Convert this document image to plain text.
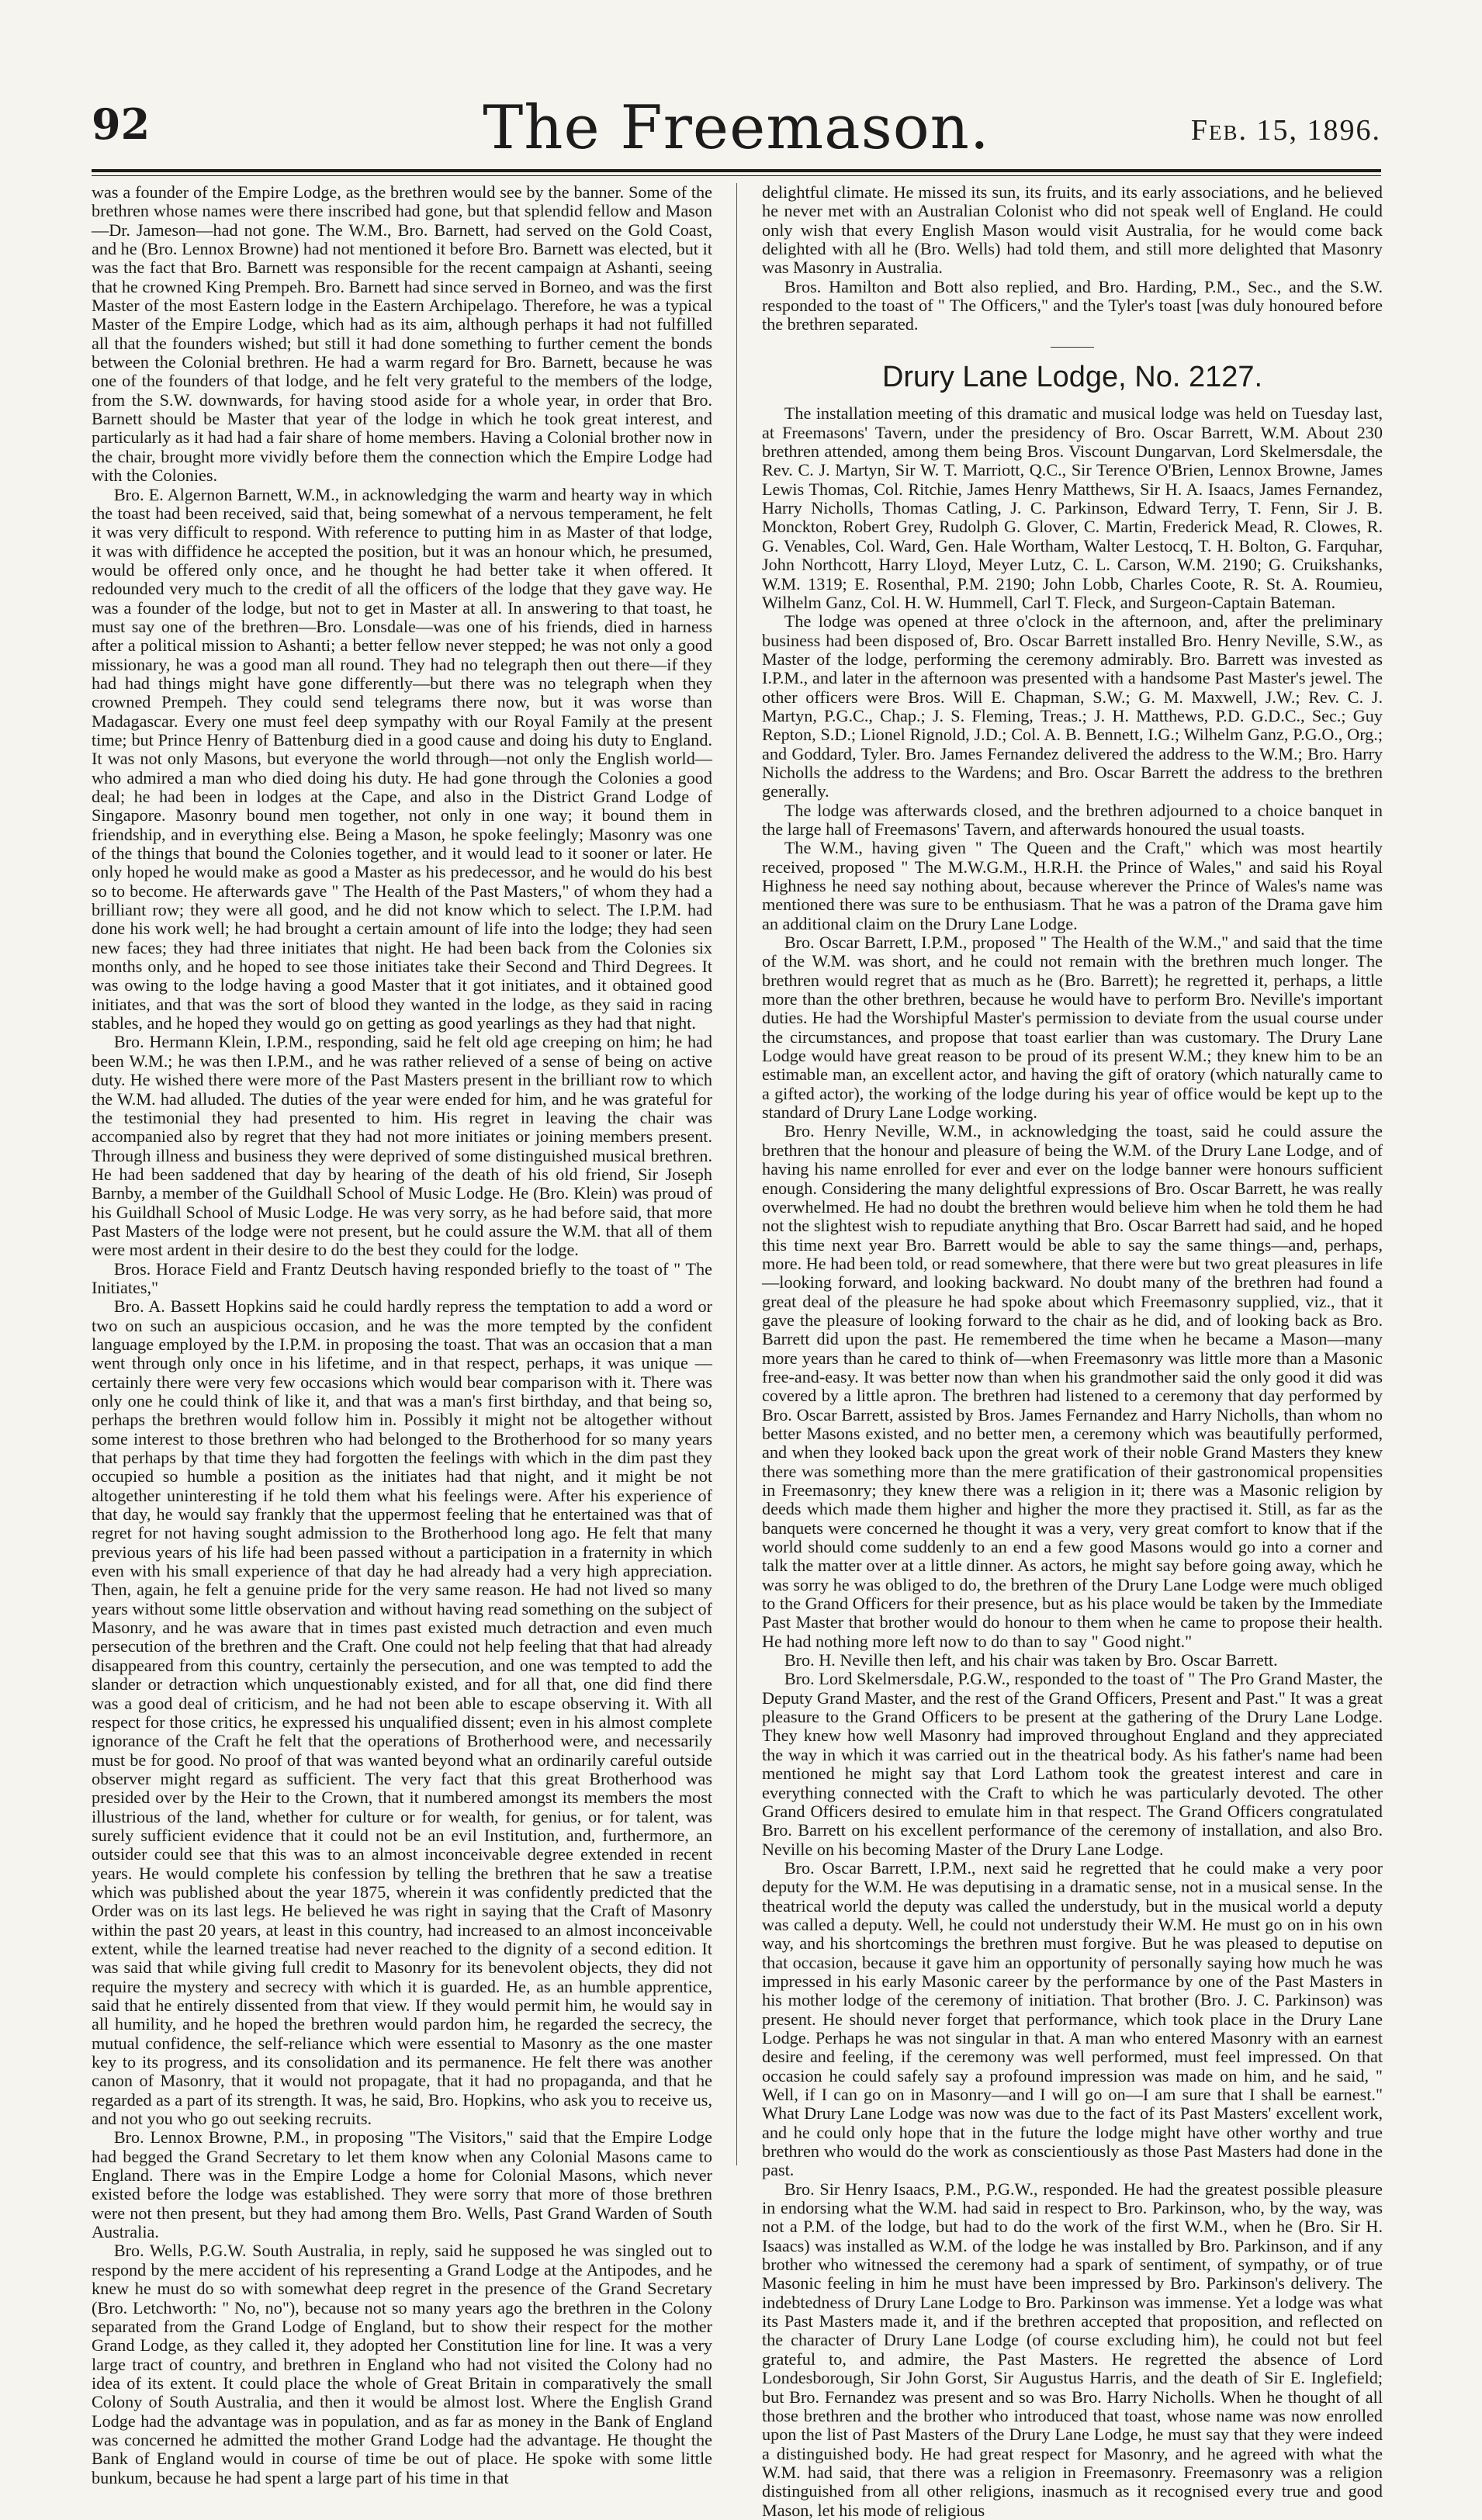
92	The Freemason.	Feb. 15, 1896.

was a founder of the Empire Lodge, as the brethren would see by the banner. Some of the brethren whose names were there inscribed had gone, but that splendid fellow and Mason—Dr. Jameson—had not gone. The W.M., Bro. Barnett, had served on the Gold Coast, and he (Bro. Lennox Browne) had not mentioned it before Bro. Barnett was elected, but it was the fact that Bro. Barnett was responsible for the recent campaign at Ashanti, seeing that he crowned King Prempeh. Bro. Barnett had since served in Borneo, and was the first Master of the most Eastern lodge in the Eastern Archipelago. Therefore, he was a typical Master of the Empire Lodge, which had as its aim, although perhaps it had not fulfilled all that the founders wished; but still it had done something to further cement the bonds between the Colonial brethren. He had a warm regard for Bro. Barnett, because he was one of the founders of that lodge, and he felt very grateful to the members of the lodge, from the S.W. downwards, for having stood aside for a whole year, in order that Bro. Barnett should be Master that year of the lodge in which he took great interest, and particularly as it had had a fair share of home members. Having a Colonial brother now in the chair, brought more vividly before them the connection which the Empire Lodge had with the Colonies.

Bro. E. Algernon Barnett, W.M., in acknowledging the warm and hearty way in which the toast had been received, said that, being somewhat of a nervous temperament, he felt it was very difficult to respond. With reference to putting him in as Master of that lodge, it was with diffidence he accepted the position, but it was an honour which, he presumed, would be offered only once, and he thought he had better take it when offered. It redounded very much to the credit of all the officers of the lodge that they gave way. He was a founder of the lodge, but not to get in Master at all. In answering to that toast, he must say one of the brethren—Bro. Lonsdale—was one of his friends, died in harness after a political mission to Ashanti; a better fellow never stepped; he was not only a good missionary, he was a good man all round. They had no telegraph then out there—if they had had things might have gone differently—but there was no telegraph when they crowned Prempeh. They could send telegrams there now, but it was worse than Madagascar. Every one must feel deep sympathy with our Royal Family at the present time; but Prince Henry of Battenburg died in a good cause and doing his duty to England. It was not only Masons, but everyone the world through—not only the English world—who admired a man who died doing his duty. He had gone through the Colonies a good deal; he had been in lodges at the Cape, and also in the District Grand Lodge of Singapore. Masonry bound men together, not only in one way; it bound them in friendship, and in everything else. Being a Mason, he spoke feelingly; Masonry was one of the things that bound the Colonies together, and it would lead to it sooner or later. He only hoped he would make as good a Master as his predecessor, and he would do his best so to become. He afterwards gave " The Health of the Past Masters," of whom they had a brilliant row; they were all good, and he did not know which to select. The I.P.M. had done his work well; he had brought a certain amount of life into the lodge; they had seen new faces; they had three initiates that night. He had been back from the Colonies six months only, and he hoped to see those initiates take their Second and Third Degrees. It was owing to the lodge having a good Master that it got initiates, and it obtained good initiates, and that was the sort of blood they wanted in the lodge, as they said in racing stables, and he hoped they would go on getting as good yearlings as they had that night.

Bro. Hermann Klein, I.P.M., responding, said he felt old age creeping on him; he had been W.M.; he was then I.P.M., and he was rather relieved of a sense of being on active duty. He wished there were more of the Past Masters present in the brilliant row to which the W.M. had alluded. The duties of the year were ended for him, and he was grateful for the testimonial they had presented to him. His regret in leaving the chair was accompanied also by regret that they had not more initiates or joining members present. Through illness and business they were deprived of some distinguished musical brethren. He had been saddened that day by hearing of the death of his old friend, Sir Joseph Barnby, a member of the Guildhall School of Music Lodge. He (Bro. Klein) was proud of his Guildhall School of Music Lodge. He was very sorry, as he had before said, that more Past Masters of the lodge were not present, but he could assure the W.M. that all of them were most ardent in their desire to do the best they could for the lodge.

Bros. Horace Field and Frantz Deutsch having responded briefly to the toast of " The Initiates,"

Bro. A. Bassett Hopkins said he could hardly repress the temptation to add a word or two on such an auspicious occasion, and he was the more tempted by the confident language employed by the I.P.M. in proposing the toast. That was an occasion that a man went through only once in his lifetime, and in that respect, perhaps, it was unique —certainly there were very few occasions which would bear comparison with it. There was only one he could think of like it, and that was a man's first birthday, and that being so, perhaps the brethren would follow him in. Possibly it might not be altogether without some interest to those brethren who had belonged to the Brotherhood for so many years that perhaps by that time they had forgotten the feelings with which in the dim past they occupied so humble a position as the initiates had that night, and it might be not altogether uninteresting if he told them what his feelings were. After his experience of that day, he would say frankly that the uppermost feeling that he entertained was that of regret for not having sought admission to the Brotherhood long ago. He felt that many previous years of his life had been passed without a participation in a fraternity in which even with his small experience of that day he had already had a very high appreciation. Then, again, he felt a genuine pride for the very same reason. He had not lived so many years without some little observation and without having read something on the subject of Masonry, and he was aware that in times past existed much detraction and even much persecution of the brethren and the Craft. One could not help feeling that that had already disappeared from this country, certainly the persecution, and one was tempted to add the slander or detraction which unquestionably existed, and for all that, one did find there was a good deal of criticism, and he had not been able to escape observing it. With all respect for those critics, he expressed his unqualified dissent; even in his almost complete ignorance of the Craft he felt that the operations of Brotherhood were, and necessarily must be for good. No proof of that was wanted beyond what an ordinarily careful outside observer might regard as sufficient. The very fact that this great Brotherhood was presided over by the Heir to the Crown, that it numbered amongst its members the most illustrious of the land, whether for culture or for wealth, for genius, or for talent, was surely sufficient evidence that it could not be an evil Institution, and, furthermore, an outsider could see that this was to an almost inconceivable degree extended in recent years. He would complete his confession by telling the brethren that he saw a treatise which was published about the year 1875, wherein it was confidently predicted that the Order was on its last legs. He believed he was right in saying that the Craft of Masonry within the past 20 years, at least in this country, had increased to an almost inconceivable extent, while the learned treatise had never reached to the dignity of a second edition. It was said that while giving full credit to Masonry for its benevolent objects, they did not require the mystery and secrecy with which it is guarded. He, as an humble apprentice, said that he entirely dissented from that view. If they would permit him, he would say in all humility, and he hoped the brethren would pardon him, he regarded the secrecy, the mutual confidence, the self-reliance which were essential to Masonry as the one master key to its progress, and its consolidation and its permanence. He felt there was another canon of Masonry, that it would not propagate, that it had no propaganda, and that he regarded as a part of its strength. It was, he said, Bro. Hopkins, who ask you to receive us, and not you who go out seeking recruits.

Bro. Lennox Browne, P.M., in proposing "The Visitors," said that the Empire Lodge had begged the Grand Secretary to let them know when any Colonial Masons came to England. There was in the Empire Lodge a home for Colonial Masons, which never existed before the lodge was established. They were sorry that more of those brethren were not then present, but they had among them Bro. Wells, Past Grand Warden of South Australia.

Bro. Wells, P.G.W. South Australia, in reply, said he supposed he was singled out to respond by the mere accident of his representing a Grand Lodge at the Antipodes, and he knew he must do so with somewhat deep regret in the presence of the Grand Secretary (Bro. Letchworth: " No, no"), because not so many years ago the brethren in the Colony separated from the Grand Lodge of England, but to show their respect for the mother Grand Lodge, as they called it, they adopted her Constitution line for line. It was a very large tract of country, and brethren in England who had not visited the Colony had no idea of its extent. It could place the whole of Great Britain in comparatively the small Colony of South Australia, and then it would be almost lost. Where the English Grand Lodge had the advantage was in population, and as far as money in the Bank of England was concerned he admitted the mother Grand Lodge had the advantage. He thought the Bank of England would in course of time be out of place. He spoke with some little bunkum, because he had spent a large part of his time in that

delightful climate. He missed its sun, its fruits, and its early associations, and he believed he never met with an Australian Colonist who did not speak well of England. He could only wish that every English Mason would visit Australia, for he would come back delighted with all he (Bro. Wells) had told them, and still more delighted that Masonry was Masonry in Australia.

Bros. Hamilton and Bott also replied, and Bro. Harding, P.M., Sec., and the S.W. responded to the toast of " The Officers," and the Tyler's toast [was duly honoured before the brethren separated.

Drury Lane Lodge, No. 2127.

The installation meeting of this dramatic and musical lodge was held on Tuesday last, at Freemasons' Tavern, under the presidency of Bro. Oscar Barrett, W.M. About 230 brethren attended, among them being Bros. Viscount Dungarvan, Lord Skelmersdale, the Rev. C. J. Martyn, Sir W. T. Marriott, Q.C., Sir Terence O'Brien, Lennox Browne, James Lewis Thomas, Col. Ritchie, James Henry Matthews, Sir H. A. Isaacs, James Fernandez, Harry Nicholls, Thomas Catling, J. C. Parkinson, Edward Terry, T. Fenn, Sir J. B. Monckton, Robert Grey, Rudolph G. Glover, C. Martin, Frederick Mead, R. Clowes, R. G. Venables, Col. Ward, Gen. Hale Wortham, Walter Lestocq, T. H. Bolton, G. Farquhar, John Northcott, Harry Lloyd, Meyer Lutz, C. L. Carson, W.M. 2190; G. Cruikshanks, W.M. 1319; E. Rosenthal, P.M. 2190; John Lobb, Charles Coote, R. St. A. Roumieu, Wilhelm Ganz, Col. H. W. Hummell, Carl T. Fleck, and Surgeon-Captain Bateman.

The lodge was opened at three o'clock in the afternoon, and, after the preliminary business had been disposed of, Bro. Oscar Barrett installed Bro. Henry Neville, S.W., as Master of the lodge, performing the ceremony admirably. Bro. Barrett was invested as I.P.M., and later in the afternoon was presented with a handsome Past Master's jewel. The other officers were Bros. Will E. Chapman, S.W.; G. M. Maxwell, J.W.; Rev. C. J. Martyn, P.G.C., Chap.; J. S. Fleming, Treas.; J. H. Matthews, P.D. G.D.C., Sec.; Guy Repton, S.D.; Lionel Rignold, J.D.; Col. A. B. Bennett, I.G.; Wilhelm Ganz, P.G.O., Org.; and Goddard, Tyler. Bro. James Fernandez delivered the address to the W.M.; Bro. Harry Nicholls the address to the Wardens; and Bro. Oscar Barrett the address to the brethren generally.

The lodge was afterwards closed, and the brethren adjourned to a choice banquet in the large hall of Freemasons' Tavern, and afterwards honoured the usual toasts.

The W.M., having given " The Queen and the Craft," which was most heartily received, proposed " The M.W.G.M., H.R.H. the Prince of Wales," and said his Royal Highness he need say nothing about, because wherever the Prince of Wales's name was mentioned there was sure to be enthusiasm. That he was a patron of the Drama gave him an additional claim on the Drury Lane Lodge.

Bro. Oscar Barrett, I.P.M., proposed " The Health of the W.M.," and said that the time of the W.M. was short, and he could not remain with the brethren much longer. The brethren would regret that as much as he (Bro. Barrett); he regretted it, perhaps, a little more than the other brethren, because he would have to perform Bro. Neville's important duties. He had the Worshipful Master's permission to deviate from the usual course under the circumstances, and propose that toast earlier than was customary. The Drury Lane Lodge would have great reason to be proud of its present W.M.; they knew him to be an estimable man, an excellent actor, and having the gift of oratory (which naturally came to a gifted actor), the working of the lodge during his year of office would be kept up to the standard of Drury Lane Lodge working.

Bro. Henry Neville, W.M., in acknowledging the toast, said he could assure the brethren that the honour and pleasure of being the W.M. of the Drury Lane Lodge, and of having his name enrolled for ever and ever on the lodge banner were honours sufficient enough. Considering the many delightful expressions of Bro. Oscar Barrett, he was really overwhelmed. He had no doubt the brethren would believe him when he told them he had not the slightest wish to repudiate anything that Bro. Oscar Barrett had said, and he hoped this time next year Bro. Barrett would be able to say the same things—and, perhaps, more. He had been told, or read somewhere, that there were but two great pleasures in life—looking forward, and looking backward. No doubt many of the brethren had found a great deal of the pleasure he had spoke about which Freemasonry supplied, viz., that it gave the pleasure of looking forward to the chair as he did, and of looking back as Bro. Barrett did upon the past. He remembered the time when he became a Mason—many more years than he cared to think of—when Freemasonry was little more than a Masonic free-and-easy. It was better now than when his grandmother said the only good it did was covered by a little apron. The brethren had listened to a ceremony that day performed by Bro. Oscar Barrett, assisted by Bros. James Fernandez and Harry Nicholls, than whom no better Masons existed, and no better men, a ceremony which was beautifully performed, and when they looked back upon the great work of their noble Grand Masters they knew there was something more than the mere gratification of their gastronomical propensities in Freemasonry; they knew there was a religion in it; there was a Masonic religion by deeds which made them higher and higher the more they practised it. Still, as far as the banquets were concerned he thought it was a very, very great comfort to know that if the world should come suddenly to an end a few good Masons would go into a corner and talk the matter over at a little dinner. As actors, he might say before going away, which he was sorry he was obliged to do, the brethren of the Drury Lane Lodge were much obliged to the Grand Officers for their presence, but as his place would be taken by the Immediate Past Master that brother would do honour to them when he came to propose their health. He had nothing more left now to do than to say " Good night."

Bro. H. Neville then left, and his chair was taken by Bro. Oscar Barrett.

Bro. Lord Skelmersdale, P.G.W., responded to the toast of " The Pro Grand Master, the Deputy Grand Master, and the rest of the Grand Officers, Present and Past." It was a great pleasure to the Grand Officers to be present at the gathering of the Drury Lane Lodge. They knew how well Masonry had improved throughout England and they appreciated the way in which it was carried out in the theatrical body. As his father's name had been mentioned he might say that Lord Lathom took the greatest interest and care in everything connected with the Craft to which he was particularly devoted. The other Grand Officers desired to emulate him in that respect. The Grand Officers congratulated Bro. Barrett on his excellent performance of the ceremony of installation, and also Bro. Neville on his becoming Master of the Drury Lane Lodge.

Bro. Oscar Barrett, I.P.M., next said he regretted that he could make a very poor deputy for the W.M. He was deputising in a dramatic sense, not in a musical sense. In the theatrical world the deputy was called the understudy, but in the musical world a deputy was called a deputy. Well, he could not understudy their W.M. He must go on in his own way, and his shortcomings the brethren must forgive. But he was pleased to deputise on that occasion, because it gave him an opportunity of personally saying how much he was impressed in his early Masonic career by the performance by one of the Past Masters in his mother lodge of the ceremony of initiation. That brother (Bro. J. C. Parkinson) was present. He should never forget that performance, which took place in the Drury Lane Lodge. Perhaps he was not singular in that. A man who entered Masonry with an earnest desire and feeling, if the ceremony was well performed, must feel impressed. On that occasion he could safely say a profound impression was made on him, and he said, " Well, if I can go on in Masonry—and I will go on—I am sure that I shall be earnest." What Drury Lane Lodge was now was due to the fact of its Past Masters' excellent work, and he could only hope that in the future the lodge might have other worthy and true brethren who would do the work as conscientiously as those Past Masters had done in the past.

Bro. Sir Henry Isaacs, P.M., P.G.W., responded. He had the greatest possible pleasure in endorsing what the W.M. had said in respect to Bro. Parkinson, who, by the way, was not a P.M. of the lodge, but had to do the work of the first W.M., when he (Bro. Sir H. Isaacs) was installed as W.M. of the lodge he was installed by Bro. Parkinson, and if any brother who witnessed the ceremony had a spark of sentiment, of sympathy, or of true Masonic feeling in him he must have been impressed by Bro. Parkinson's delivery. The indebtedness of Drury Lane Lodge to Bro. Parkinson was immense. Yet a lodge was what its Past Masters made it, and if the brethren accepted that proposition, and reflected on the character of Drury Lane Lodge (of course excluding him), he could not but feel grateful to, and admire, the Past Masters. He regretted the absence of Lord Londesborough, Sir John Gorst, Sir Augustus Harris, and the death of Sir E. Inglefield; but Bro. Fernandez was present and so was Bro. Harry Nicholls. When he thought of all those brethren and the brother who introduced that toast, whose name was now enrolled upon the list of Past Masters of the Drury Lane Lodge, he must say that they were indeed a distinguished body. He had great respect for Masonry, and he agreed with what the W.M. had said, that there was a religion in Freemasonry. Freemasonry was a religion distinguished from all other religions, inasmuch as it recognised every true and good Mason, let his mode of religious
